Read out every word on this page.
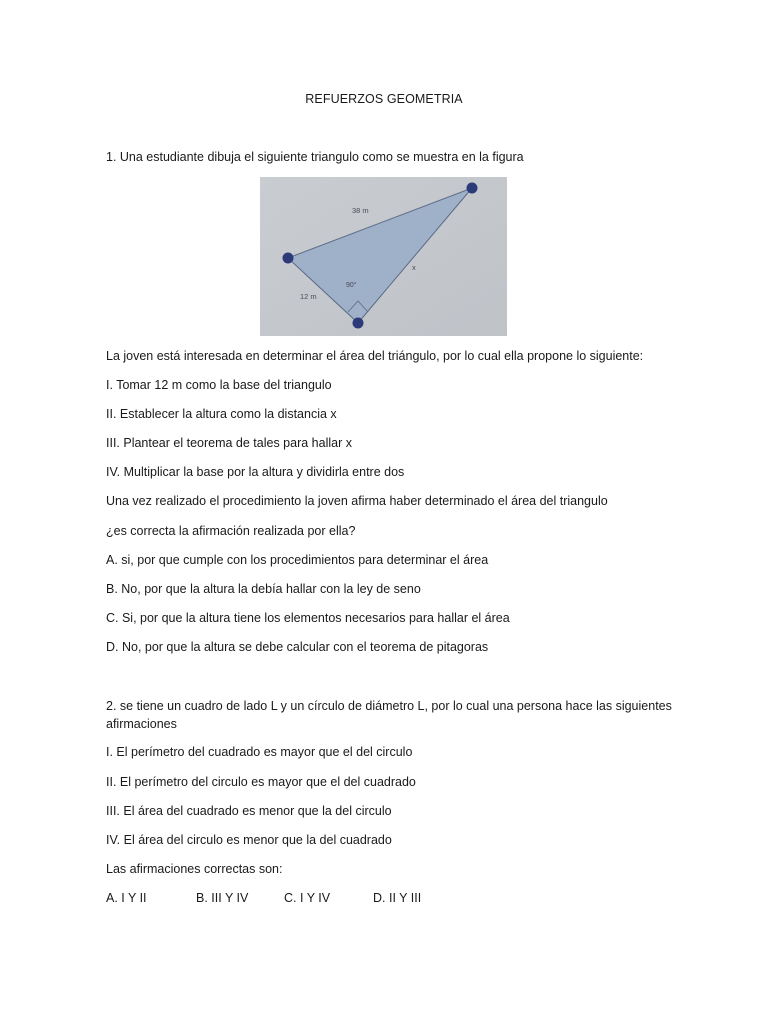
REFUERZOS GEOMETRIA
1. Una estudiante dibuja el siguiente triangulo como se muestra en la figura
38 m
x
90°
12 m
La joven está interesada en determinar el área del triángulo, por lo cual ella propone lo siguiente:
I. Tomar 12 m como la base del triangulo
II. Establecer la altura como la distancia x
III. Plantear el teorema de tales para hallar x
IV. Multiplicar la base por la altura y dividirla entre dos
Una vez realizado el procedimiento la joven afirma haber determinado el área del triangulo
¿es correcta la afirmación realizada por ella?
A. si, por que cumple con los procedimientos para determinar el área
B. No, por que la altura la debía hallar con la ley de seno
C. Si, por que la altura tiene los elementos necesarios para hallar el área
D. No, por que la altura se debe calcular con el teorema de pitagoras
2. se tiene un cuadro de lado L y un círculo de diámetro L, por lo cual una persona hace las siguientes afirmaciones
I. El perímetro del cuadrado es mayor que el del circulo
II. El perímetro del circulo es mayor que el del cuadrado
III. El área del cuadrado es menor que la del circulo
IV. El área del circulo es menor que la del cuadrado
Las afirmaciones correctas son:
A. I Y II	B. III Y IV	C. I Y IV	D. II Y III
